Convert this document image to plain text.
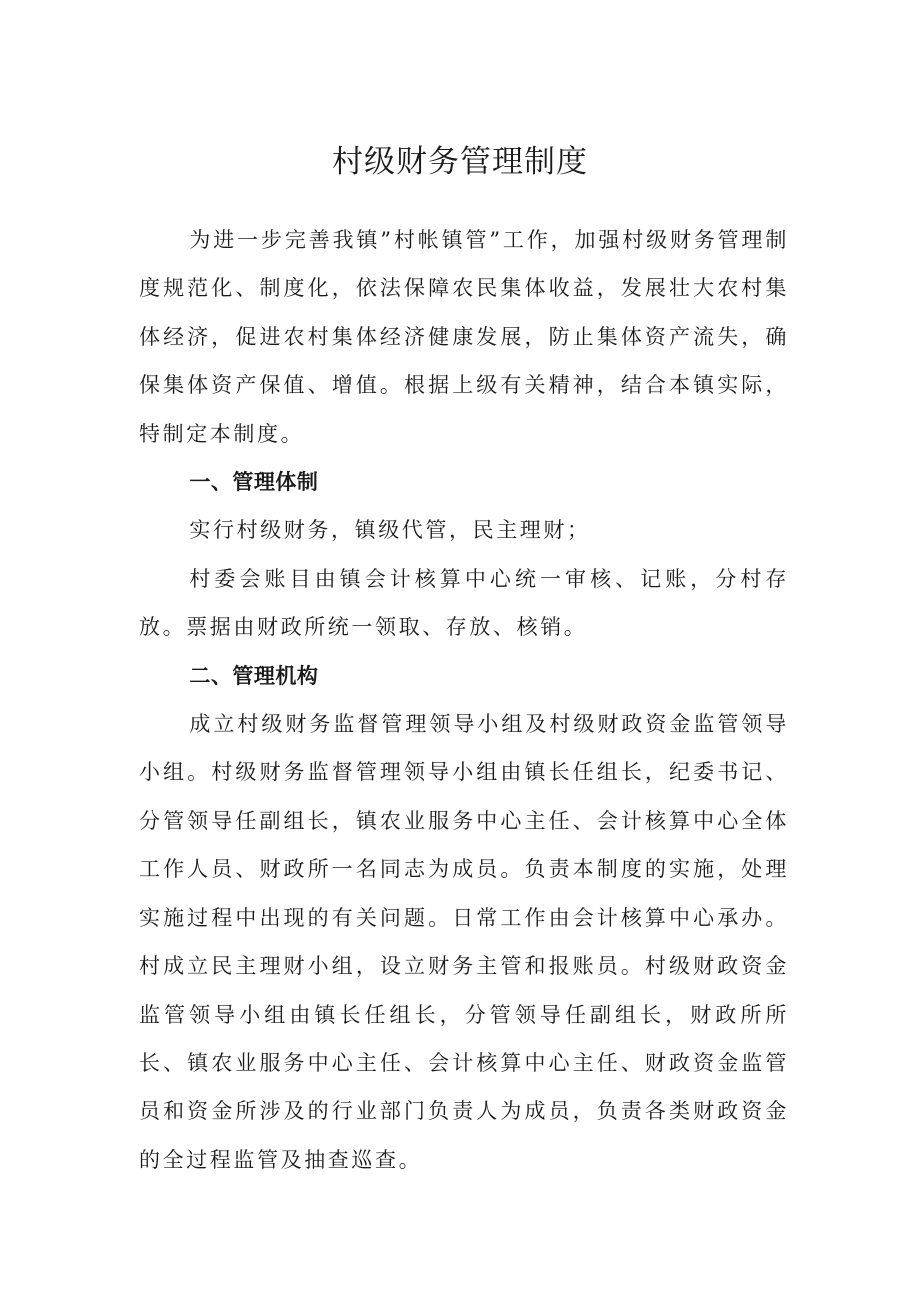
村级财务管理制度

为进一步完善我镇”村帐镇管”工作，加强村级财务管理制度规范化、制度化，依法保障农民集体收益，发展壮大农村集体经济，促进农村集体经济健康发展，防止集体资产流失，确保集体资产保值、增值。根据上级有关精神，结合本镇实际，特制定本制度。

一、管理体制

实行村级财务，镇级代管，民主理财；

村委会账目由镇会计核算中心统一审核、记账，分村存放。票据由财政所统一领取、存放、核销。

二、管理机构

成立村级财务监督管理领导小组及村级财政资金监管领导小组。村级财务监督管理领导小组由镇长任组长，纪委书记、分管领导任副组长，镇农业服务中心主任、会计核算中心全体工作人员、财政所一名同志为成员。负责本制度的实施，处理实施过程中出现的有关问题。日常工作由会计核算中心承办。村成立民主理财小组，设立财务主管和报账员。村级财政资金监管领导小组由镇长任组长，分管领导任副组长，财政所所长、镇农业服务中心主任、会计核算中心主任、财政资金监管员和资金所涉及的行业部门负责人为成员，负责各类财政资金的全过程监管及抽查巡查。
